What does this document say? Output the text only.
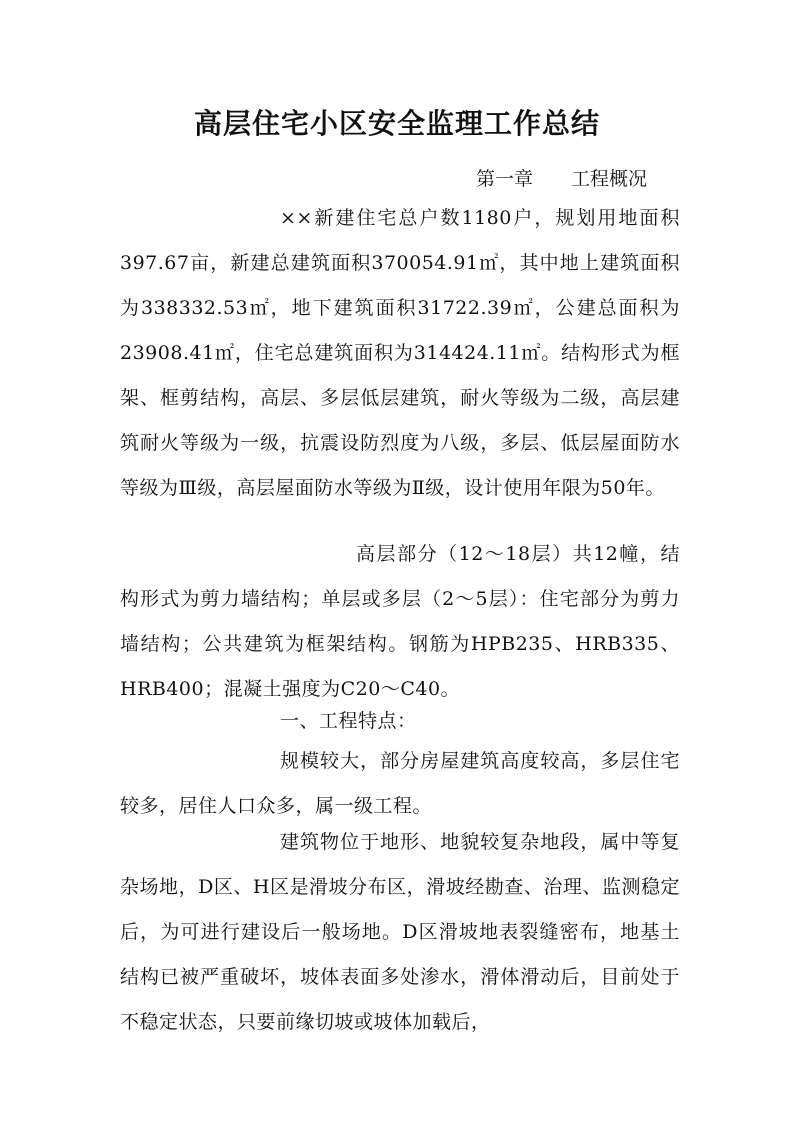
高层住宅小区安全监理工作总结
第一章 工程概况

××新建住宅总户数1180户，规划用地面积397.67亩，新建总建筑面积370054.91㎡，其中地上建筑面积为338332.53㎡，地下建筑面积31722.39㎡，公建总面积为23908.41㎡，住宅总建筑面积为314424.11㎡。结构形式为框架、框剪结构，高层、多层低层建筑，耐火等级为二级，高层建筑耐火等级为一级，抗震设防烈度为八级，多层、低层屋面防水等级为Ⅲ级，高层屋面防水等级为Ⅱ级，设计使用年限为50年。

高层部分（12～18层）共12幢，结构形式为剪力墙结构；单层或多层（2～5层）：住宅部分为剪力墙结构；公共建筑为框架结构。钢筋为HPB235、HRB335、HRB400；混凝土强度为C20～C40。

一、工程特点：

规模较大，部分房屋建筑高度较高，多层住宅较多，居住人口众多，属一级工程。

建筑物位于地形、地貌较复杂地段，属中等复杂场地，D区、H区是滑坡分布区，滑坡经勘查、治理、监测稳定后，为可进行建设后一般场地。D区滑坡地表裂缝密布，地基土结构已被严重破坏，坡体表面多处渗水，滑体滑动后，目前处于不稳定状态，只要前缘切坡或坡体加载后，
